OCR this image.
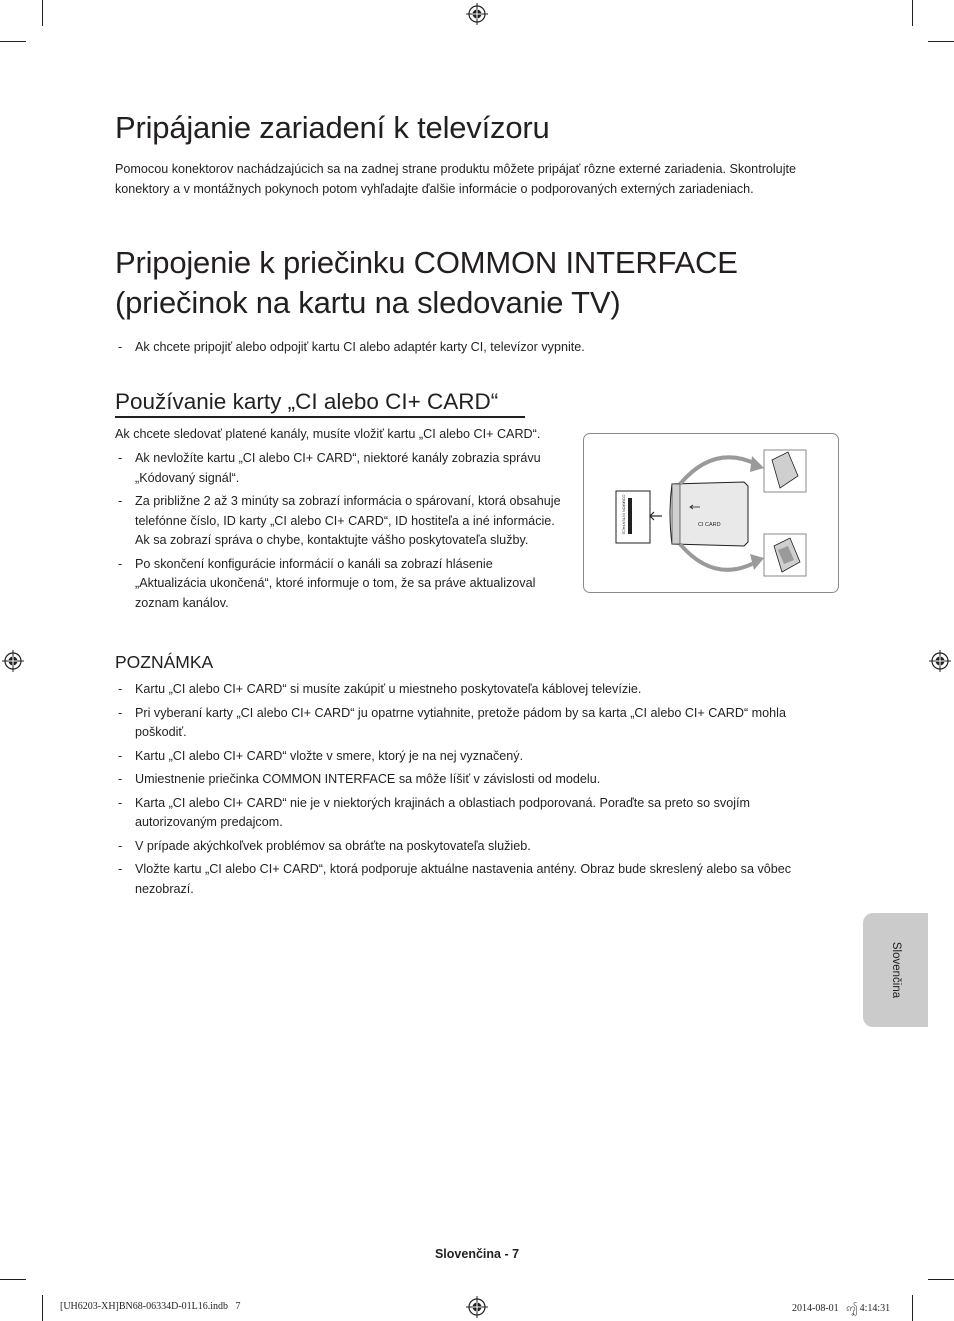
Pripájanie zariadení k televízoru

Pomocou konektorov nachádzajúcich sa na zadnej strane produktu môžete pripájať rôzne externé zariadenia. Skontrolujte konektory a v montážnych pokynoch potom vyhľadajte ďalšie informácie o podporovaných externých zariadeniach.

Pripojenie k priečinku COMMON INTERFACE
(priečinok na kartu na sledovanie TV)
- Ak chcete pripojiť alebo odpojiť kartu CI alebo adaptér karty CI, televízor vypnite.
Používanie karty „CI alebo CI+ CARD“

Ak chcete sledovať platené kanály, musíte vložiť kartu „CI alebo CI+ CARD“.

- Ak nevložíte kartu „CI alebo CI+ CARD“, niektoré kanály zobrazia správu „Kódovaný signál“.
- Za približne 2 až 3 minúty sa zobrazí informácia o spárovaní, ktorá obsahuje telefónne číslo, ID karty „CI alebo CI+ CARD“, ID hostiteľa a iné informácie. Ak sa zobrazí správa o chybe, kontaktujte vášho poskytovateľa služby.
- Po skončení konfigurácie informácií o kanáli sa zobrazí hlásenie „Aktualizácia ukončená“, ktoré informuje o tom, že sa práve aktualizoval zoznam kanálov.
COMMON INTERFACE	CI CARD
POZNÁMKA
- Kartu „CI alebo CI+ CARD“ si musíte zakúpiť u miestneho poskytovateľa káblovej televízie.
- Pri vyberaní karty „CI alebo CI+ CARD“ ju opatrne vytiahnite, pretože pádom by sa karta „CI alebo CI+ CARD“ mohla poškodiť.
- Kartu „CI alebo CI+ CARD“ vložte v smere, ktorý je na nej vyznačený.
- Umiestnenie priečinka COMMON INTERFACE sa môže líšiť v závislosti od modelu.
- Karta „CI alebo CI+ CARD“ nie je v niektorých krajinách a oblastiach podporovaná. Poraďte sa preto so svojím autorizovaným predajcom.
- V prípade akýchkoľvek problémov sa obráťte na poskytovateľa služieb.
- Vložte kartu „CI alebo CI+ CARD“, ktorá podporuje aktuálne nastavenia antény. Obraz bude skreslený alebo sa vôbec nezobrazí.
Slovenčina
Slovenčina - 7
[UH6203-XH]BN68-06334D-01L16.indb   7	2014-08-01   ꩵ 4:14:31
